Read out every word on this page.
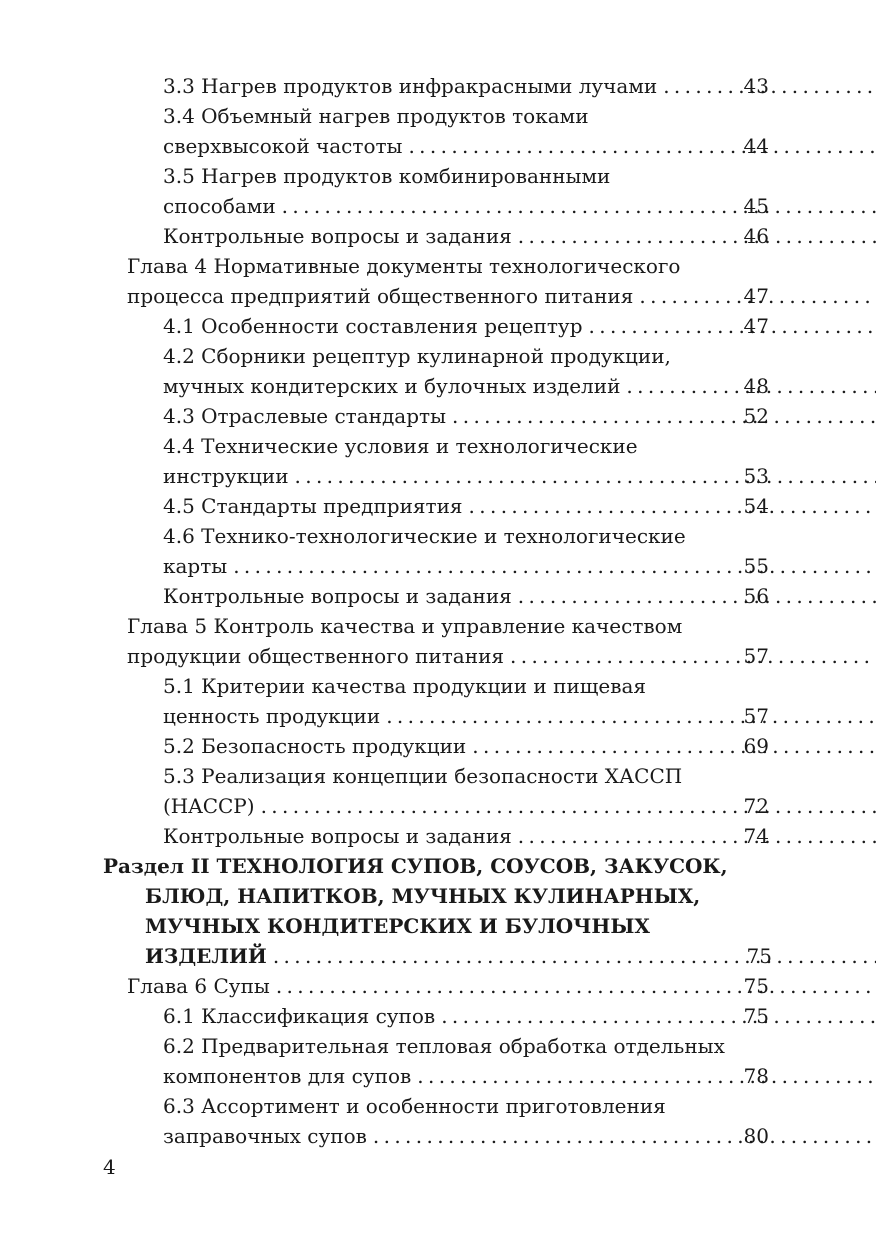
3.3 Нагрев продуктов инфракрасными лучами . . .	43
3.4 Объемный нагрев продуктов токами
сверхвысокой частоты . . .	44
3.5 Нагрев продуктов комбинированными
способами . . .	45
Контрольные вопросы и задания . . .	46
Глава 4 Нормативные документы технологического
процесса предприятий общественного питания . . .	47
4.1 Особенности составления рецептур . . .	47
4.2 Сборники рецептур кулинарной продукции,
мучных кондитерских и булочных изделий . . .	48
4.3 Отраслевые стандарты . . .	52
4.4 Технические условия и технологические
инструкции . . .	53
4.5 Стандарты предприятия . . .	54
4.6 Технико-технологические и технологические
карты . . .	55
Контрольные вопросы и задания . . .	56
Глава 5 Контроль качества и управление качеством
продукции общественного питания . . .	57
5.1 Критерии качества продукции и пищевая
ценность продукции . . .	57
5.2 Безопасность продукции . . .	69
5.3 Реализация концепции безопасности ХАССП
(HACCP) . . .	72
Контрольные вопросы и задания . . .	74
Раздел II ТЕХНОЛОГИЯ СУПОВ, СОУСОВ, ЗАКУСОК,
БЛЮД, НАПИТКОВ, МУЧНЫХ КУЛИНАРНЫХ,
МУЧНЫХ КОНДИТЕРСКИХ И БУЛОЧНЫХ
ИЗДЕЛИЙ . . .	75
Глава 6 Супы . . .	75
6.1 Классификация супов . . .	75
6.2 Предварительная тепловая обработка отдельных
компонентов для супов . . .	78
6.3 Ассортимент и особенности приготовления
заправочных супов . . .	80
4
